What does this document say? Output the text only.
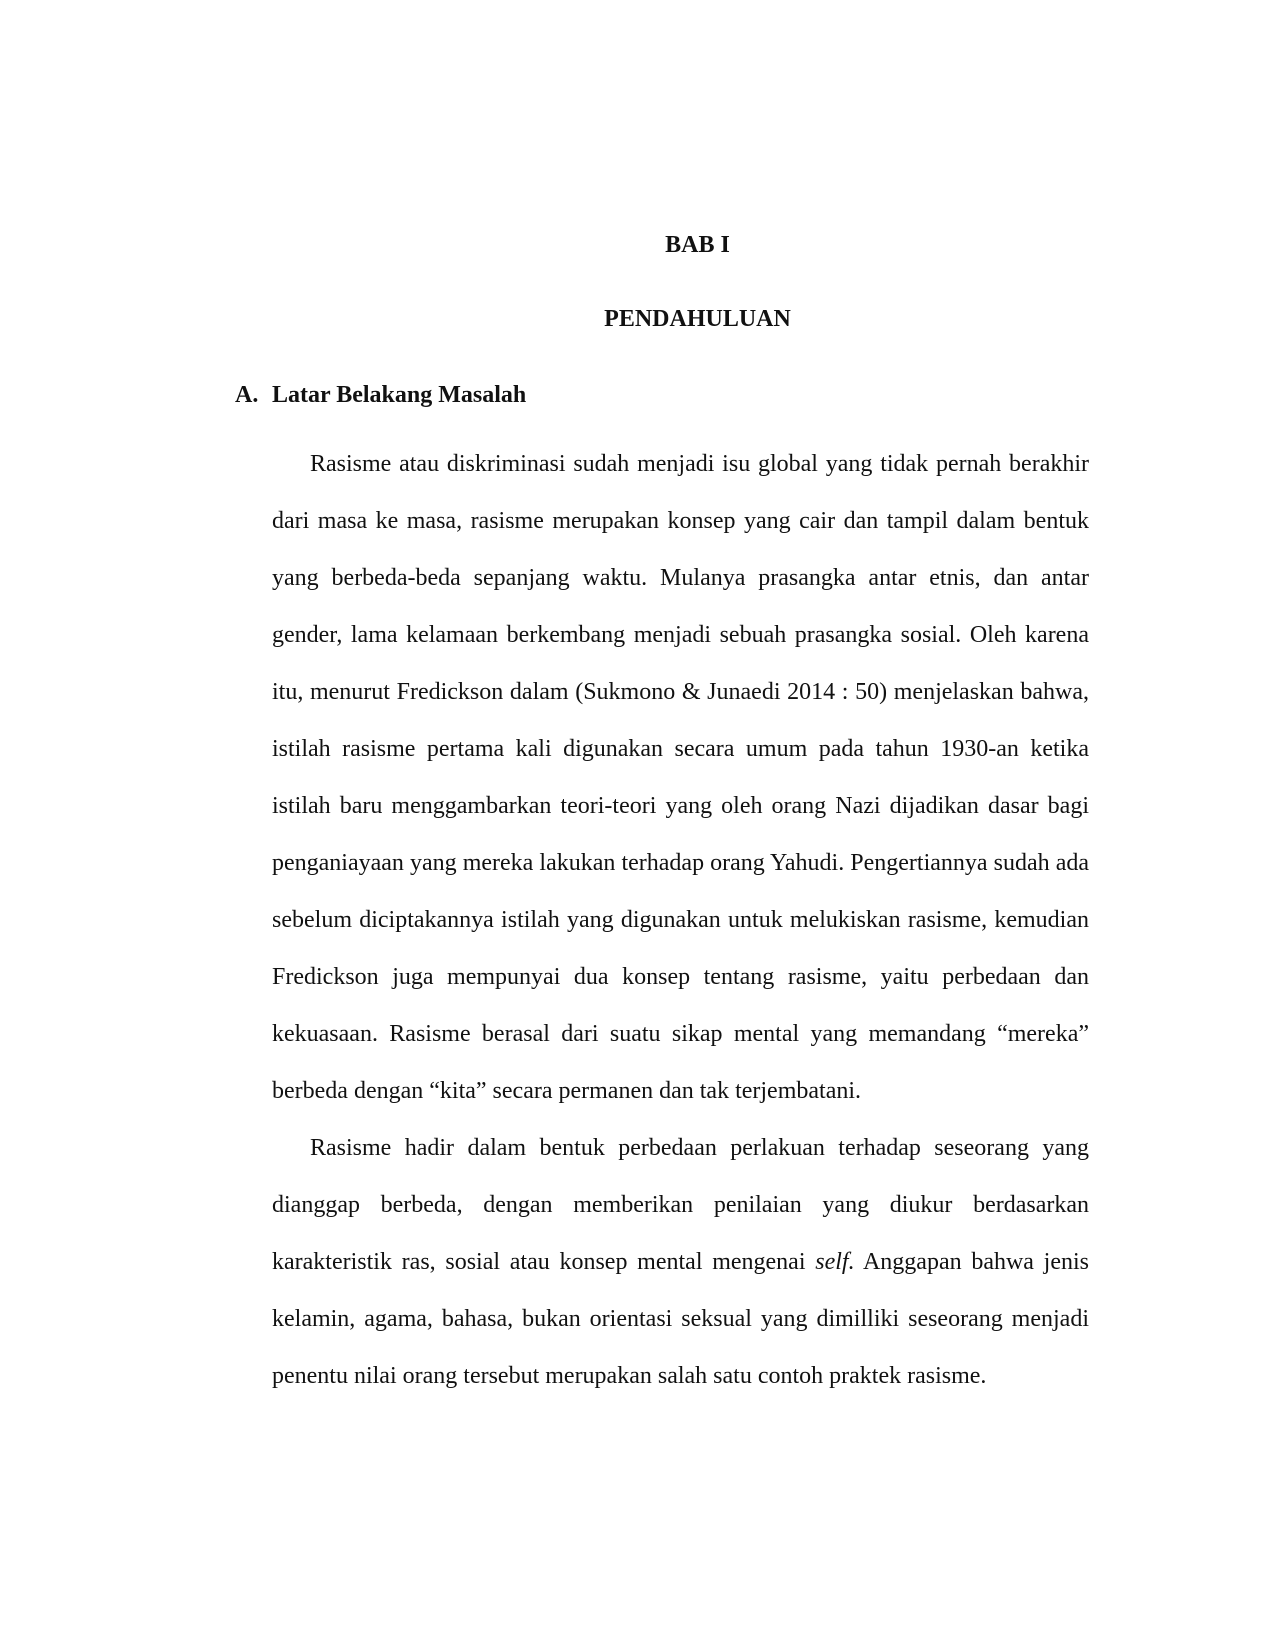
BAB I
PENDAHULUAN
A. Latar Belakang Masalah

Rasisme atau diskriminasi sudah menjadi isu global yang tidak pernah berakhir dari masa ke masa, rasisme merupakan konsep yang cair dan tampil dalam bentuk yang berbeda-beda sepanjang waktu. Mulanya prasangka antar etnis, dan antar gender, lama kelamaan berkembang menjadi sebuah prasangka sosial. Oleh karena itu, menurut Fredickson dalam (Sukmono & Junaedi 2014 : 50) menjelaskan bahwa, istilah rasisme pertama kali digunakan secara umum pada tahun 1930-an ketika istilah baru menggambarkan teori-teori yang oleh orang Nazi dijadikan dasar bagi penganiayaan yang mereka lakukan terhadap orang Yahudi. Pengertiannya sudah ada sebelum diciptakannya istilah yang digunakan untuk melukiskan rasisme, kemudian Fredickson juga mempunyai dua konsep tentang rasisme, yaitu perbedaan dan kekuasaan. Rasisme berasal dari suatu sikap mental yang memandang “mereka” berbeda dengan “kita” secara permanen dan tak terjembatani.

Rasisme hadir dalam bentuk perbedaan perlakuan terhadap seseorang yang dianggap berbeda, dengan memberikan penilaian yang diukur berdasarkan karakteristik ras, sosial atau konsep mental mengenai self. Anggapan bahwa jenis kelamin, agama, bahasa, bukan orientasi seksual yang dimilliki seseorang menjadi penentu nilai orang tersebut merupakan salah satu contoh praktek rasisme.
